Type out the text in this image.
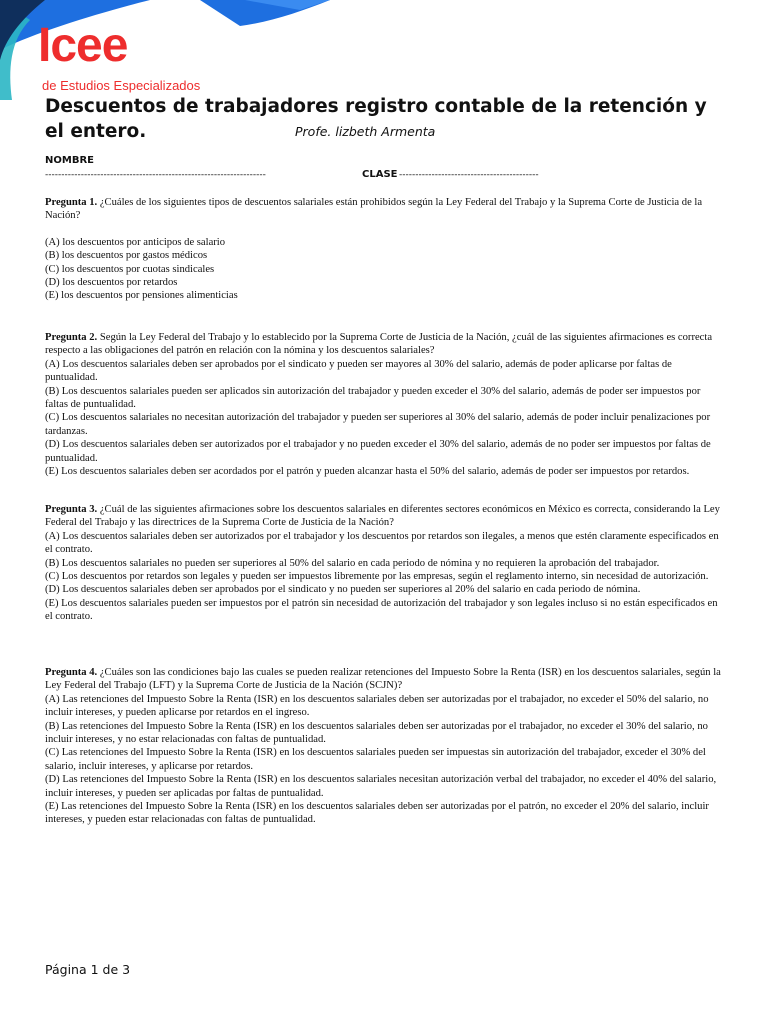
Icee
de Estudios Especializados
Descuentos de trabajadores registro contable de la retención y el entero.	Profe. lizbeth Armenta
NOMBRE
--------------------------------------------------------------------	CLASE -------------------------------------------

Pregunta 1. ¿Cuáles de los siguientes tipos de descuentos salariales están prohibidos según la Ley Federal del Trabajo y la Suprema Corte de Justicia de la Nación?

(A) los descuentos por anticipos de salario
(B) los descuentos por gastos médicos
(C) los descuentos por cuotas sindicales
(D) los descuentos por retardos
(E) los descuentos por pensiones alimenticias

Pregunta 2. Según la Ley Federal del Trabajo y lo establecido por la Suprema Corte de Justicia de la Nación, ¿cuál de las siguientes afirmaciones es correcta respecto a las obligaciones del patrón en relación con la nómina y los descuentos salariales?

(A) Los descuentos salariales deben ser aprobados por el sindicato y pueden ser mayores al 30% del salario, además de poder aplicarse por faltas de puntualidad.

(B) Los descuentos salariales pueden ser aplicados sin autorización del trabajador y pueden exceder el 30% del salario, además de poder ser impuestos por faltas de puntualidad.

(C) Los descuentos salariales no necesitan autorización del trabajador y pueden ser superiores al 30% del salario, además de poder incluir penalizaciones por tardanzas.

(D) Los descuentos salariales deben ser autorizados por el trabajador y no pueden exceder el 30% del salario, además de no poder ser impuestos por faltas de puntualidad.

(E) Los descuentos salariales deben ser acordados por el patrón y pueden alcanzar hasta el 50% del salario, además de poder ser impuestos por retardos.

Pregunta 3. ¿Cuál de las siguientes afirmaciones sobre los descuentos salariales en diferentes sectores económicos en México es correcta, considerando la Ley Federal del Trabajo y las directrices de la Suprema Corte de Justicia de la Nación?

(A) Los descuentos salariales deben ser autorizados por el trabajador y los descuentos por retardos son ilegales, a menos que estén claramente especificados en el contrato.

(B) Los descuentos salariales no pueden ser superiores al 50% del salario en cada periodo de nómina y no requieren la aprobación del trabajador.

(C) Los descuentos por retardos son legales y pueden ser impuestos libremente por las empresas, según el reglamento interno, sin necesidad de autorización.

(D) Los descuentos salariales deben ser aprobados por el sindicato y no pueden ser superiores al 20% del salario en cada periodo de nómina.

(E) Los descuentos salariales pueden ser impuestos por el patrón sin necesidad de autorización del trabajador y son legales incluso si no están especificados en el contrato.

Pregunta 4. ¿Cuáles son las condiciones bajo las cuales se pueden realizar retenciones del Impuesto Sobre la Renta (ISR) en los descuentos salariales, según la Ley Federal del Trabajo (LFT) y la Suprema Corte de Justicia de la Nación (SCJN)?

(A) Las retenciones del Impuesto Sobre la Renta (ISR) en los descuentos salariales deben ser autorizadas por el trabajador, no exceder el 50% del salario, no incluir intereses, y pueden aplicarse por retardos en el ingreso.

(B) Las retenciones del Impuesto Sobre la Renta (ISR) en los descuentos salariales deben ser autorizadas por el trabajador, no exceder el 30% del salario, no incluir intereses, y no estar relacionadas con faltas de puntualidad.

(C) Las retenciones del Impuesto Sobre la Renta (ISR) en los descuentos salariales pueden ser impuestas sin autorización del trabajador, exceder el 30% del salario, incluir intereses, y aplicarse por retardos.

(D) Las retenciones del Impuesto Sobre la Renta (ISR) en los descuentos salariales necesitan autorización verbal del trabajador, no exceder el 40% del salario, incluir intereses, y pueden ser aplicadas por faltas de puntualidad.

(E) Las retenciones del Impuesto Sobre la Renta (ISR) en los descuentos salariales deben ser autorizadas por el patrón, no exceder el 20% del salario, incluir intereses, y pueden estar relacionadas con faltas de puntualidad.

Página 1 de 3
